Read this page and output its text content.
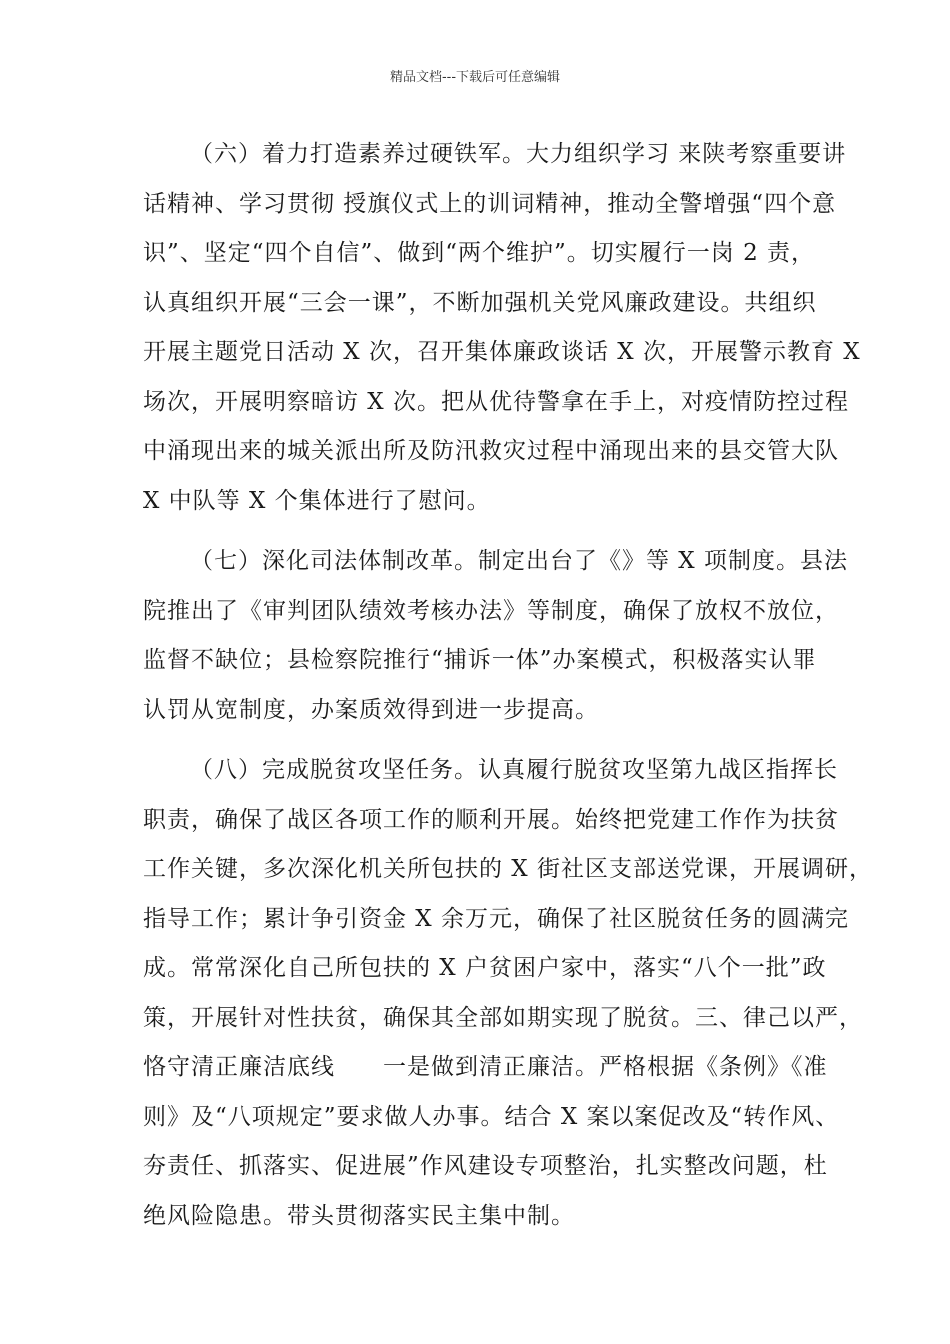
精品文档---下载后可任意编辑
（六）着力打造素养过硬铁军。大力组织学习 来陕考察重要讲
话精神、学习贯彻 授旗仪式上的训词精神，推动全警增强“四个意
识”、坚定“四个自信”、做到“两个维护”。切实履行一岗 2 责，
认真组织开展“三会一课”，不断加强机关党风廉政建设。共组织
开展主题党日活动 X 次，召开集体廉政谈话 X 次，开展警示教育 X
场次，开展明察暗访 X 次。把从优待警拿在手上，对疫情防控过程
中涌现出来的城关派出所及防汛救灾过程中涌现出来的县交管大队
X 中队等 X 个集体进行了慰问。
（七）深化司法体制改革。制定出台了《》等 X 项制度。县法
院推出了《审判团队绩效考核办法》等制度，确保了放权不放位，
监督不缺位；县检察院推行“捕诉一体”办案模式，积极落实认罪
认罚从宽制度，办案质效得到进一步提高。
（八）完成脱贫攻坚任务。认真履行脱贫攻坚第九战区指挥长
职责，确保了战区各项工作的顺利开展。始终把党建工作作为扶贫
工作关键，多次深化机关所包扶的 X 街社区支部送党课，开展调研，
指导工作；累计争引资金 X 余万元，确保了社区脱贫任务的圆满完
成。常常深化自己所包扶的 X 户贫困户家中，落实“八个一批”政
策，开展针对性扶贫，确保其全部如期实现了脱贫。三、律己以严，
恪守清正廉洁底线　　一是做到清正廉洁。严格根据《条例》《准
则》及“八项规定”要求做人办事。结合 X 案以案促改及“转作风、
夯责任、抓落实、促进展”作风建设专项整治，扎实整改问题，杜
绝风险隐患。带头贯彻落实民主集中制。
